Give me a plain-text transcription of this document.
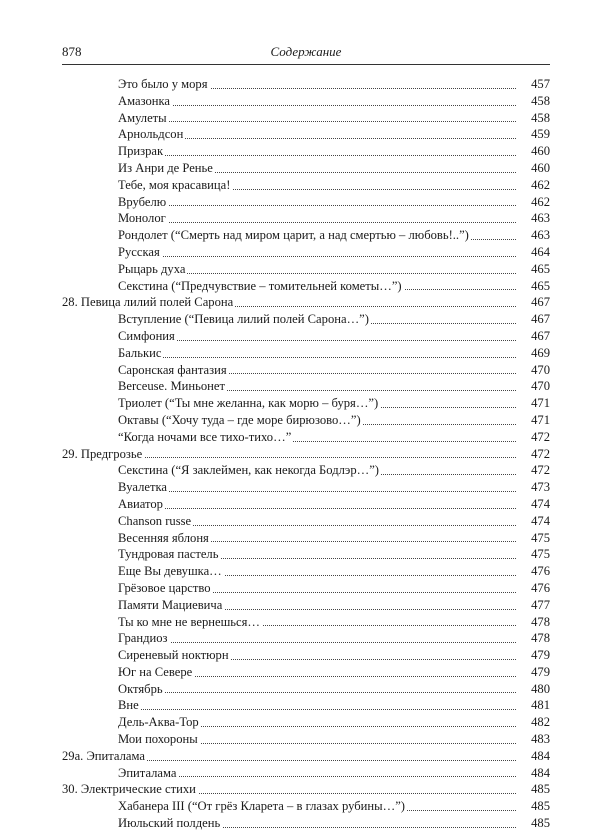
878	Содержание
Это было у моря	457
Амазонка	458
Амулеты	458
Арнольдсон	459
Призрак	460
Из Анри де Ренье	460
Тебе, моя красавица!	462
Врубелю	462
Монолог	463
Рондолет (“Смерть над миром царит, а над смертью – любовь!..”)	463
Русская	464
Рыцарь духа	465
Секстина (“Предчувствие – томительней кометы…”)	465
28. Певица лилий полей Сарона	467
Вступление (“Певица лилий полей Сарона…”)	467
Симфония	467
Балькис	469
Саронская фантазия	470
Berceuse. Миньонет	470
Триолет (“Ты мне желанна, как морю – буря…”)	471
Октавы (“Хочу туда – где море бирюзово…”)	471
“Когда ночами все тихо-тихо…”	472
29. Предгрозье	472
Секстина (“Я заклеймен, как некогда Бодлэр…”)	472
Вуалетка	473
Авиатор	474
Chanson russe	474
Весенняя яблоня	475
Тундровая пастель	475
Еще Вы девушка…	476
Грёзовое царство	476
Памяти Мациевича	477
Ты ко мне не вернешься…	478
Грандиоз	478
Сиреневый ноктюрн	479
Юг на Севере	479
Октябрь	480
Вне	481
Дель-Аква-Тор	482
Мои похороны	483
29а. Эпиталама	484
Эпиталама	484
30. Электрические стихи	485
Хабанера III (“От грёз Кларета – в глазах рубины…”)	485
Июльский полдень	485
